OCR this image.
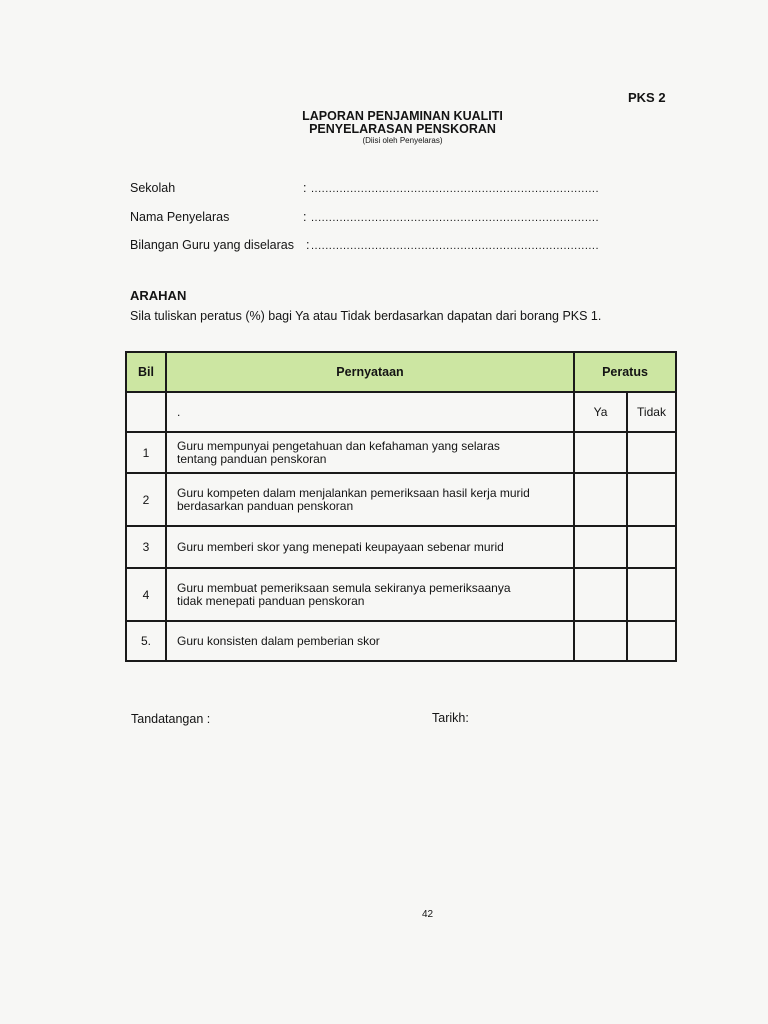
PKS 2
LAPORAN PENJAMINAN KUALITI
PENYELARASAN PENSKORAN
(Diisi oleh Penyelaras)
Sekolah	: .................................................................................
Nama Penyelaras	: .................................................................................
Bilangan Guru yang diselaras : .................................................................................
ARAHAN
Sila tuliskan peratus (%) bagi Ya atau Tidak berdasarkan dapatan dari borang PKS 1.
Bil	Pernyataan	Peratus	
	.	Ya	Tidak
1	Guru mempunyai pengetahuan dan kefahaman yang selaras
tentang panduan penskoran		
2	Guru kompeten dalam menjalankan pemeriksaan hasil kerja murid
berdasarkan panduan penskoran		
3	Guru memberi skor yang menepati keupayaan sebenar murid		
4	Guru membuat pemeriksaan semula sekiranya pemeriksaanya
tidak menepati panduan penskoran		
5.	Guru konsisten dalam pemberian skor		
Tandatangan :	Tarikh:
42
